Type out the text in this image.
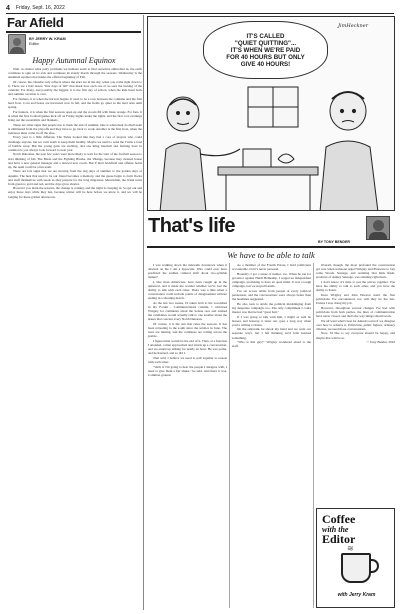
4 Friday, Sept. 16, 2022
Far Afield
BY JERRY W. KRAM
Editor
Happy Autumnal Equinox

Well, no matter what petty problems we humans seem to find ourselves embroiled in, the earth continues to spin on its axis and continues its stately march through the seasons. Wednesday is the autumnal equinox that marks the official beginning of Fall.

Of course, the calendar only reflects where the stars are in the sky, when you come right down to it. There are a half dozen "first days of fall" that mark how each one of us sees the turning of the calendar. For many, and possibly the biggest, it is the first day of school, when the kids head back and summer vacation is over.

For farmers, it is when the harvest begins. It used to be a race between the combine and the first hard frost. Corn and beans are harvested now in fall, and the fields go quiet as the land rests until spring.

For hunters, it is when the first seasons open up and the woods fill with blaze orange. For fans, it is when the first football games kick off on Friday nights under the lights, and the first cool evenings bring out the sweatshirts and blankets.

These are other signs that people use to mark the end of summer. One is when their football team is eliminated from the playoffs and they have to go back to work. Another is the first frost, when the tomatoes must come in off the vine.

Every year is a little different. The Twins looked like they had a core of players who could challenge anyone, but we can't seem to keep them healthy. Maybe we need to send the Twins a load of bubble wrap. But the young guns are exciting, and one thing baseball and farming have in common is you always look forward to next year.

North Dakotans, the past few years were more likely to wait for the start of the football season to start thinking of fall. The Bison and the Fighting Hawks, the Vikings, because they cleaned house and have a new general manager and a shrewd new coach. But if their backfield and offense holds up, the team could be a fun team.

There are lots signs that we are moving from the dog days of summer to the golden days of autumn. The heat that used to be our friend becomes a memory, and the geese begin to form flocks and stuff themselves with seeds as they prepare for the long migration. Meanwhile, the brush turns from green to gold and red, and the days grow shorter.

However you mark the seasons, the change is coming, and the night is creeping in. So get out and enjoy these days while they last, because winter will be here before we know it, and we will be longing for these golden afternoons.

IT'S CALLED
"QUIET QUITTING"...
IT'S WHEN WE'RE PAID
FOR 40 HOURS BUT ONLY
GIVE 40 HOURS!
JimHeckner
That's life
BY TONY BENDER
We have to be able to talk

I was walking down the sidewalk downtown when it dawned on me I am a hypocrite. Who could ever have predicted the sudden cultural shift about two-syllable names?

I, like most Americans, have been caught up in the upheaval, and it made me wonder whether we've lost the ability to talk with each other. There was a time when a conversation could include points of disagreement without ending in a shouting match.

As the last two weeks, I'd taken both to the woodshed in my Forum - Communications column. I criticized Wrigley for comments about the Senate race and wished the candidates would actually talk to one another about the issues that concern every North Dakotan.

Of course, it is the sun that rules the seasons. It has been retreating to the south since the solstice in June. The trees are turning, and the combines are rolling across the prairie.

I figured that would be the end of it. Then, at a function I attended, a man approached and struck up a conversation, and we ended up talking for nearly an hour. He was polite, and he listened, and so did I.

That said, I believe we need to pull together to reason with each other.

"Well, if I'm going to hear the people I disagree with, I need to give them a fair shake," he said. And there it was. Common ground.

As a member of the Fourth Estate, I hold politicians accountable, but it's never personal.

Honestly, I got a sense of humor, too. When he ran for governor against Heidi Heitkamp, I waged an independent campaign, promising to have an open mind. It was a tough campaign, but we stayed friends.

I've sat across tables from people of every political persuasion, and the conversations were always better than the headlines suggested.

He also took to stride the political mudslinging from my desperate campaign, too. The only compliment I could muster was that he had "great hair."

If I was going to talk with him, I might as well be honest, and honesty, it turns out, goes a long way when you're willing to listen.

On the sidewalk, he shook my hand and we went our separate ways, but I left thinking we'd both learned something.

"Who is this guy?" Wrigley wondered aloud to the staff.

Overall, though, the most profound the conversation got was when someone urged Wrigley and Elsewere to buy some Woods Sausage, and realizing that Kirk Rush, producer of Ashley Sausage, was standing right there.

I don't know, it's time to put the pieces together. You have the ability to talk to each other, and you have the ability to listen.

Dave Wrigley and John Hoeven aren't the first politicians I've encountered, nor will they be the last. Unless I stop doing my job.

However, throughout several changes I've had with politicians from both parties, the lines of communication have never closed, and that's the way things should work.

We all want what's best for America even if we disagree over how to achieve it. Politicians, public figures, ordinary citizens, we need those conversations.

Now, I'd like to say everyone should be happy, and maybe that will be so.

© Tony Bender, 2022

Coffee
with the
Editor
≋
with Jerry Kram
